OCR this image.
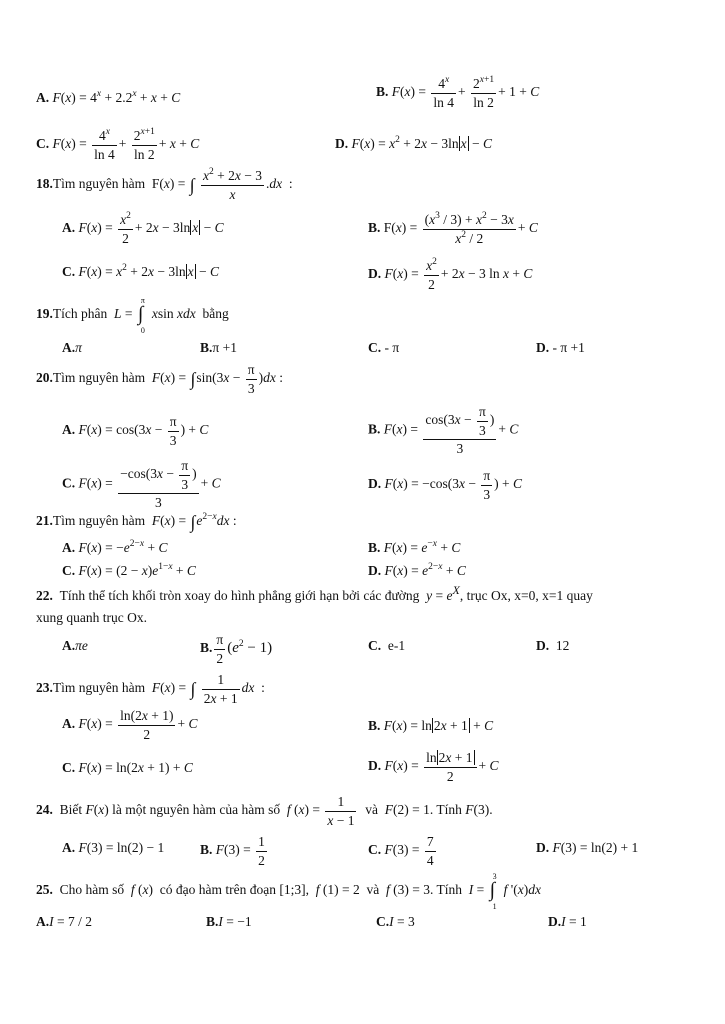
A. $F(x) = 4^x + 2.2^x + x + C$	B. $F(x) = \frac{4^x}{\ln 4} + \frac{2^{x+1}}{\ln 2} + 1 + C$
C. $F(x) = \frac{4^x}{\ln 4} + \frac{2^{x+1}}{\ln 2} + x + C$	D. $F(x) = x^2 + 2x - 3\ln$ x − C
18.Tìm nguyên hàm  F(x) = ∫ $\frac{x^2 + 2x - 3}{x} .dx$  :
A. $F(x) = \frac{x^2}{2} + 2x - 3\ln$ x − C	B. $F(x) = \frac{(x^3 / 3) + x^2 - 3x}{x^2 / 2} + C$
C. $F(x) = x^2 + 2x - 3\ln$ x − C	D. $F(x) = \frac{x^2}{2} + 2x - 3$ ln x + C
19.Tích phân L =
π
∫
0
xsin xdx bằng
A.π	B.π +1	C. - π	D. - π +1
20.Tìm nguyên hàm $F(x) = \int\sin(3x - \frac{\pi}{3} )dx$ :
A. $F(x) = \cos(3x - \frac{\pi}{3}$ ) + C	B. $F(x) = \frac{\cos(3x - \frac{\pi}{3} )}{3} + C$
C. $F(x) = \frac{-\cos(3x - \frac{\pi}{3} )}{3} + C$	D. $F(x) = -\cos(3x - \frac{\pi}{3}$ ) + C
21.Tìm nguyên hàm $F(x) = \int e^{2-x}dx$ :
A. $F(x) = -e^{2-x} + C$	B. $F(x) = e^{-x} + C$
C. $F(x) = (2 - x)e^{1-x} + C$	D. $F(x) = e^{2-x} + C$
22. Tính thể tích khối tròn xoay do hình phẳng giới hạn bởi các đường $y = e^X$, trục Ox, x=0, x=1 quay
xung quanh trục Ox.
A.πe	B. $\frac{\pi}{2} (e^2 - 1)$	C. e-1	D. 12
23.Tìm nguyên hàm F(x) = ∫ $\frac{1}{2x + 1}$ dx  :
A. $F(x) = \frac{\ln(2x + 1)}{2} + C$	B. F(x) = ln 2x + 1 + C
C. F(x) = ln(2x + 1) + C	D. $F(x) = \frac{\ln 2x + 1}{2} + C$
24. Biết F(x) là một nguyên hàm của hàm số f $(x) = \frac{1}{x - 1}$ và F(2) = 1. Tính F(3).
A. F(3) = ln(2) − 1	B. $F(3) = \frac{1}{2}$	C. $F(3) = \frac{7}{4}$	D. F(3) = ln(2) + 1
25. Cho hàm số f (x)  có đạo hàm trên đoạn [1;3], f (1) = 2  và f (3) = 3. Tính I =
3
∫
1
f '(x)dx
A.I = 7 / 2	B.I = −1	C.I = 3	D.I = 1
